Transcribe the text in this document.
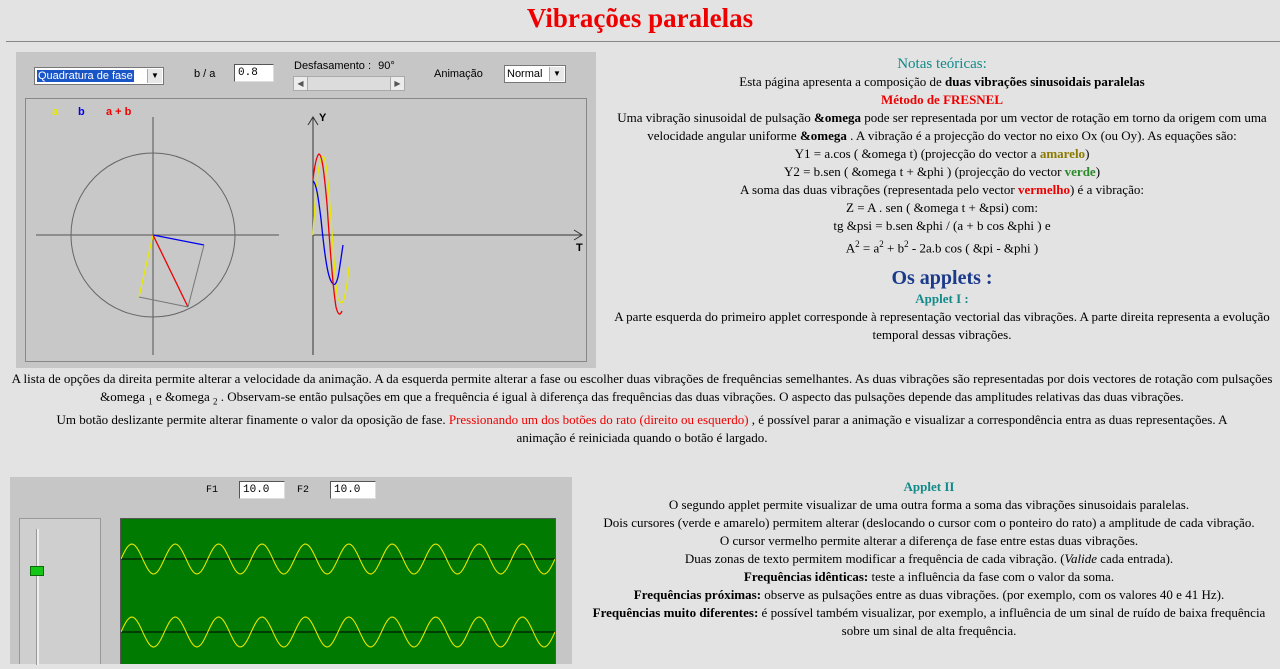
Vibrações paralelas
Quadratura de fase	▼	b / a	0.8
Desfasamento : 90°
◀	▶
Animação Normal	▼
a b a + b	Y
T
F1	10.0	F2	10.0

Notas teóricas:

Esta página apresenta a composição de duas vibrações sinusoidais paralelas

Método de FRESNEL

Uma vibração sinusoidal de pulsação &omega pode ser representada por um vector de rotação em torno da origem com uma velocidade angular uniforme &omega . A vibração é a projecção do vector no eixo Ox (ou Oy). As equações são:

Y1 = a.cos ( &omega t) (projecção do vector a amarelo)

Y2 = b.sen ( &omega t + &phi ) (projecção do vector verde)

A soma das duas vibrações (representada pelo vector vermelho) é a vibração:

Z = A . sen ( &omega t + &psi) com:

tg &psi = b.sen &phi / (a + b cos &phi ) e

$A^2 = a^2 + b^2 - 2a.b$ cos ( &pi - &phi )

Os applets :

Applet I :

A parte esquerda do primeiro applet corresponde à representação vectorial das vibrações. A parte direita representa a evolução temporal dessas vibrações.

A lista de opções da direita permite alterar a velocidade da animação. A da esquerda permite alterar a fase ou escolher duas vibrações de frequências semelhantes. As duas vibrações são representadas por dois vectores de rotação com pulsações &omega $_1$ e &omega $_2$ . Observam-se então pulsações em que a frequência é igual à diferença das frequências das duas vibrações. O aspecto das pulsações depende das amplitudes relativas das duas vibrações.

Um botão deslizante permite alterar finamente o valor da oposição de fase. Pressionando um dos botões do rato (direito ou esquerdo) , é possível parar a animação e visualizar a correspondência entra as duas representações. A animação é reiniciada quando o botão é largado.

Applet II

O segundo applet permite visualizar de uma outra forma a soma das vibrações sinusoidais paralelas.

Dois cursores (verde e amarelo) permitem alterar (deslocando o cursor com o ponteiro do rato) a amplitude de cada vibração.

O cursor vermelho permite alterar a diferença de fase entre estas duas vibrações.

Duas zonas de texto permitem modificar a frequência de cada vibração. (Valide cada entrada).

Frequências idênticas: teste a influência da fase com o valor da soma.

Frequências próximas: observe as pulsações entre as duas vibrações. (por exemplo, com os valores 40 e 41 Hz).

Frequências muito diferentes: é possível também visualizar, por exemplo, a influência de um sinal de ruído de baixa frequência sobre um sinal de alta frequência.
